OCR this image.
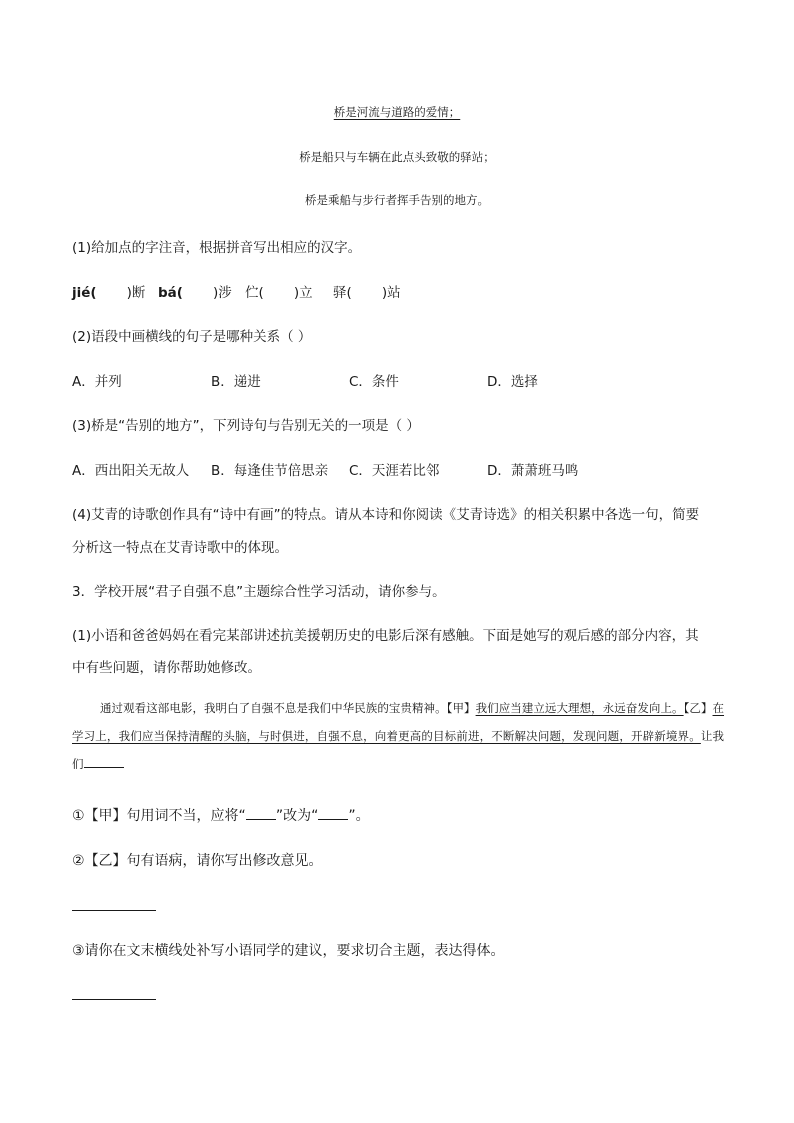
桥是河流与道路的爱情；
桥是船只与车辆在此点头致敬的驿站；
桥是乘船与步行者挥手告别的地方。
(1)给加点的字注音，根据拼音写出相应的汉字。
jié(       )断 bá(       )涉 伫(       )立 驿(       )站
(2)语段中画横线的句子是哪种关系（ ）
A．并列	B．递进	C．条件	D．选择
(3)桥是“告别的地方”，下列诗句与告别无关的一项是（ ）
A．西出阳关无故人 B．每逢佳节倍思亲 C．天涯若比邻	D．萧萧班马鸣
(4)艾青的诗歌创作具有“诗中有画”的特点。请从本诗和你阅读《艾青诗选》的相关积累中各选一句，简要
分析这一特点在艾青诗歌中的体现。
3．学校开展“君子自强不息”主题综合性学习活动，请你参与。
(1)小语和爸爸妈妈在看完某部讲述抗美援朝历史的电影后深有感触。下面是她写的观后感的部分内容，其
中有些问题，请你帮助她修改。
通过观看这部电影，我明白了自强不息是我们中华民族的宝贵精神。【甲】我们应当建立远大理想，永远奋发向上。【乙】在学习上，我们应当保持清醒的头脑，与时俱进，自强不息，向着更高的目标前进，不断解决问题，发现问题，开辟新境界。让我们
①【甲】句用词不当，应将“ ”改为“ ”。
②【乙】句有语病，请你写出修改意见。
③请你在文末横线处补写小语同学的建议，要求切合主题，表达得体。
